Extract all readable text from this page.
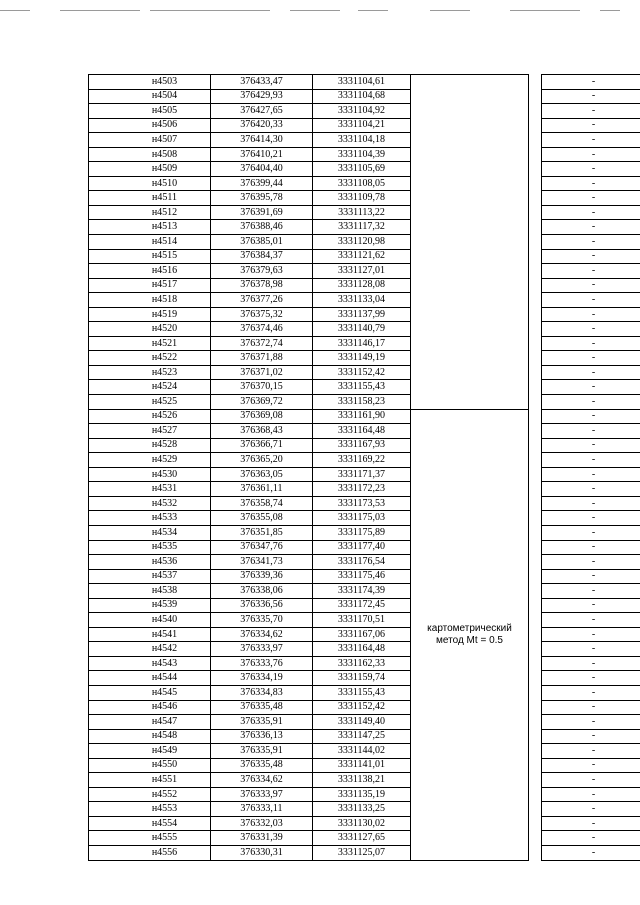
н4503	376433,47	3331104,61			-
н4504	376429,93	3331104,68			-
н4505	376427,65	3331104,92			-
н4506	376420,33	3331104,21			-
н4507	376414,30	3331104,18			-
н4508	376410,21	3331104,39			-
н4509	376404,40	3331105,69			-
н4510	376399,44	3331108,05			-
н4511	376395,78	3331109,78			-
н4512	376391,69	3331113,22			-
н4513	376388,46	3331117,32			-
н4514	376385,01	3331120,98			-
н4515	376384,37	3331121,62			-
н4516	376379,63	3331127,01			-
н4517	376378,98	3331128,08			-
н4518	376377,26	3331133,04			-
н4519	376375,32	3331137,99			-
н4520	376374,46	3331140,79			-
н4521	376372,74	3331146,17			-
н4522	376371,88	3331149,19			-
н4523	376371,02	3331152,42			-
н4524	376370,15	3331155,43			-
н4525	376369,72	3331158,23			-
н4526	376369,08	3331161,90	картометрический метод Mt = 0.5		-
н4527	376368,43	3331164,48			-
н4528	376366,71	3331167,93			-
н4529	376365,20	3331169,22			-
н4530	376363,05	3331171,37			-
н4531	376361,11	3331172,23			-
н4532	376358,74	3331173,53			-
н4533	376355,08	3331175,03			-
н4534	376351,85	3331175,89			-
н4535	376347,76	3331177,40			-
н4536	376341,73	3331176,54			-
н4537	376339,36	3331175,46			-
н4538	376338,06	3331174,39			-
н4539	376336,56	3331172,45			-
н4540	376335,70	3331170,51			-
н4541	376334,62	3331167,06			-
н4542	376333,97	3331164,48			-
н4543	376333,76	3331162,33			-
н4544	376334,19	3331159,74			-
н4545	376334,83	3331155,43			-
н4546	376335,48	3331152,42			-
н4547	376335,91	3331149,40			-
н4548	376336,13	3331147,25			-
н4549	376335,91	3331144,02			-
н4550	376335,48	3331141,01			-
н4551	376334,62	3331138,21			-
н4552	376333,97	3331135,19			-
н4553	376333,11	3331133,25			-
н4554	376332,03	3331130,02			-
н4555	376331,39	3331127,65			-
н4556	376330,31	3331125,07			-
